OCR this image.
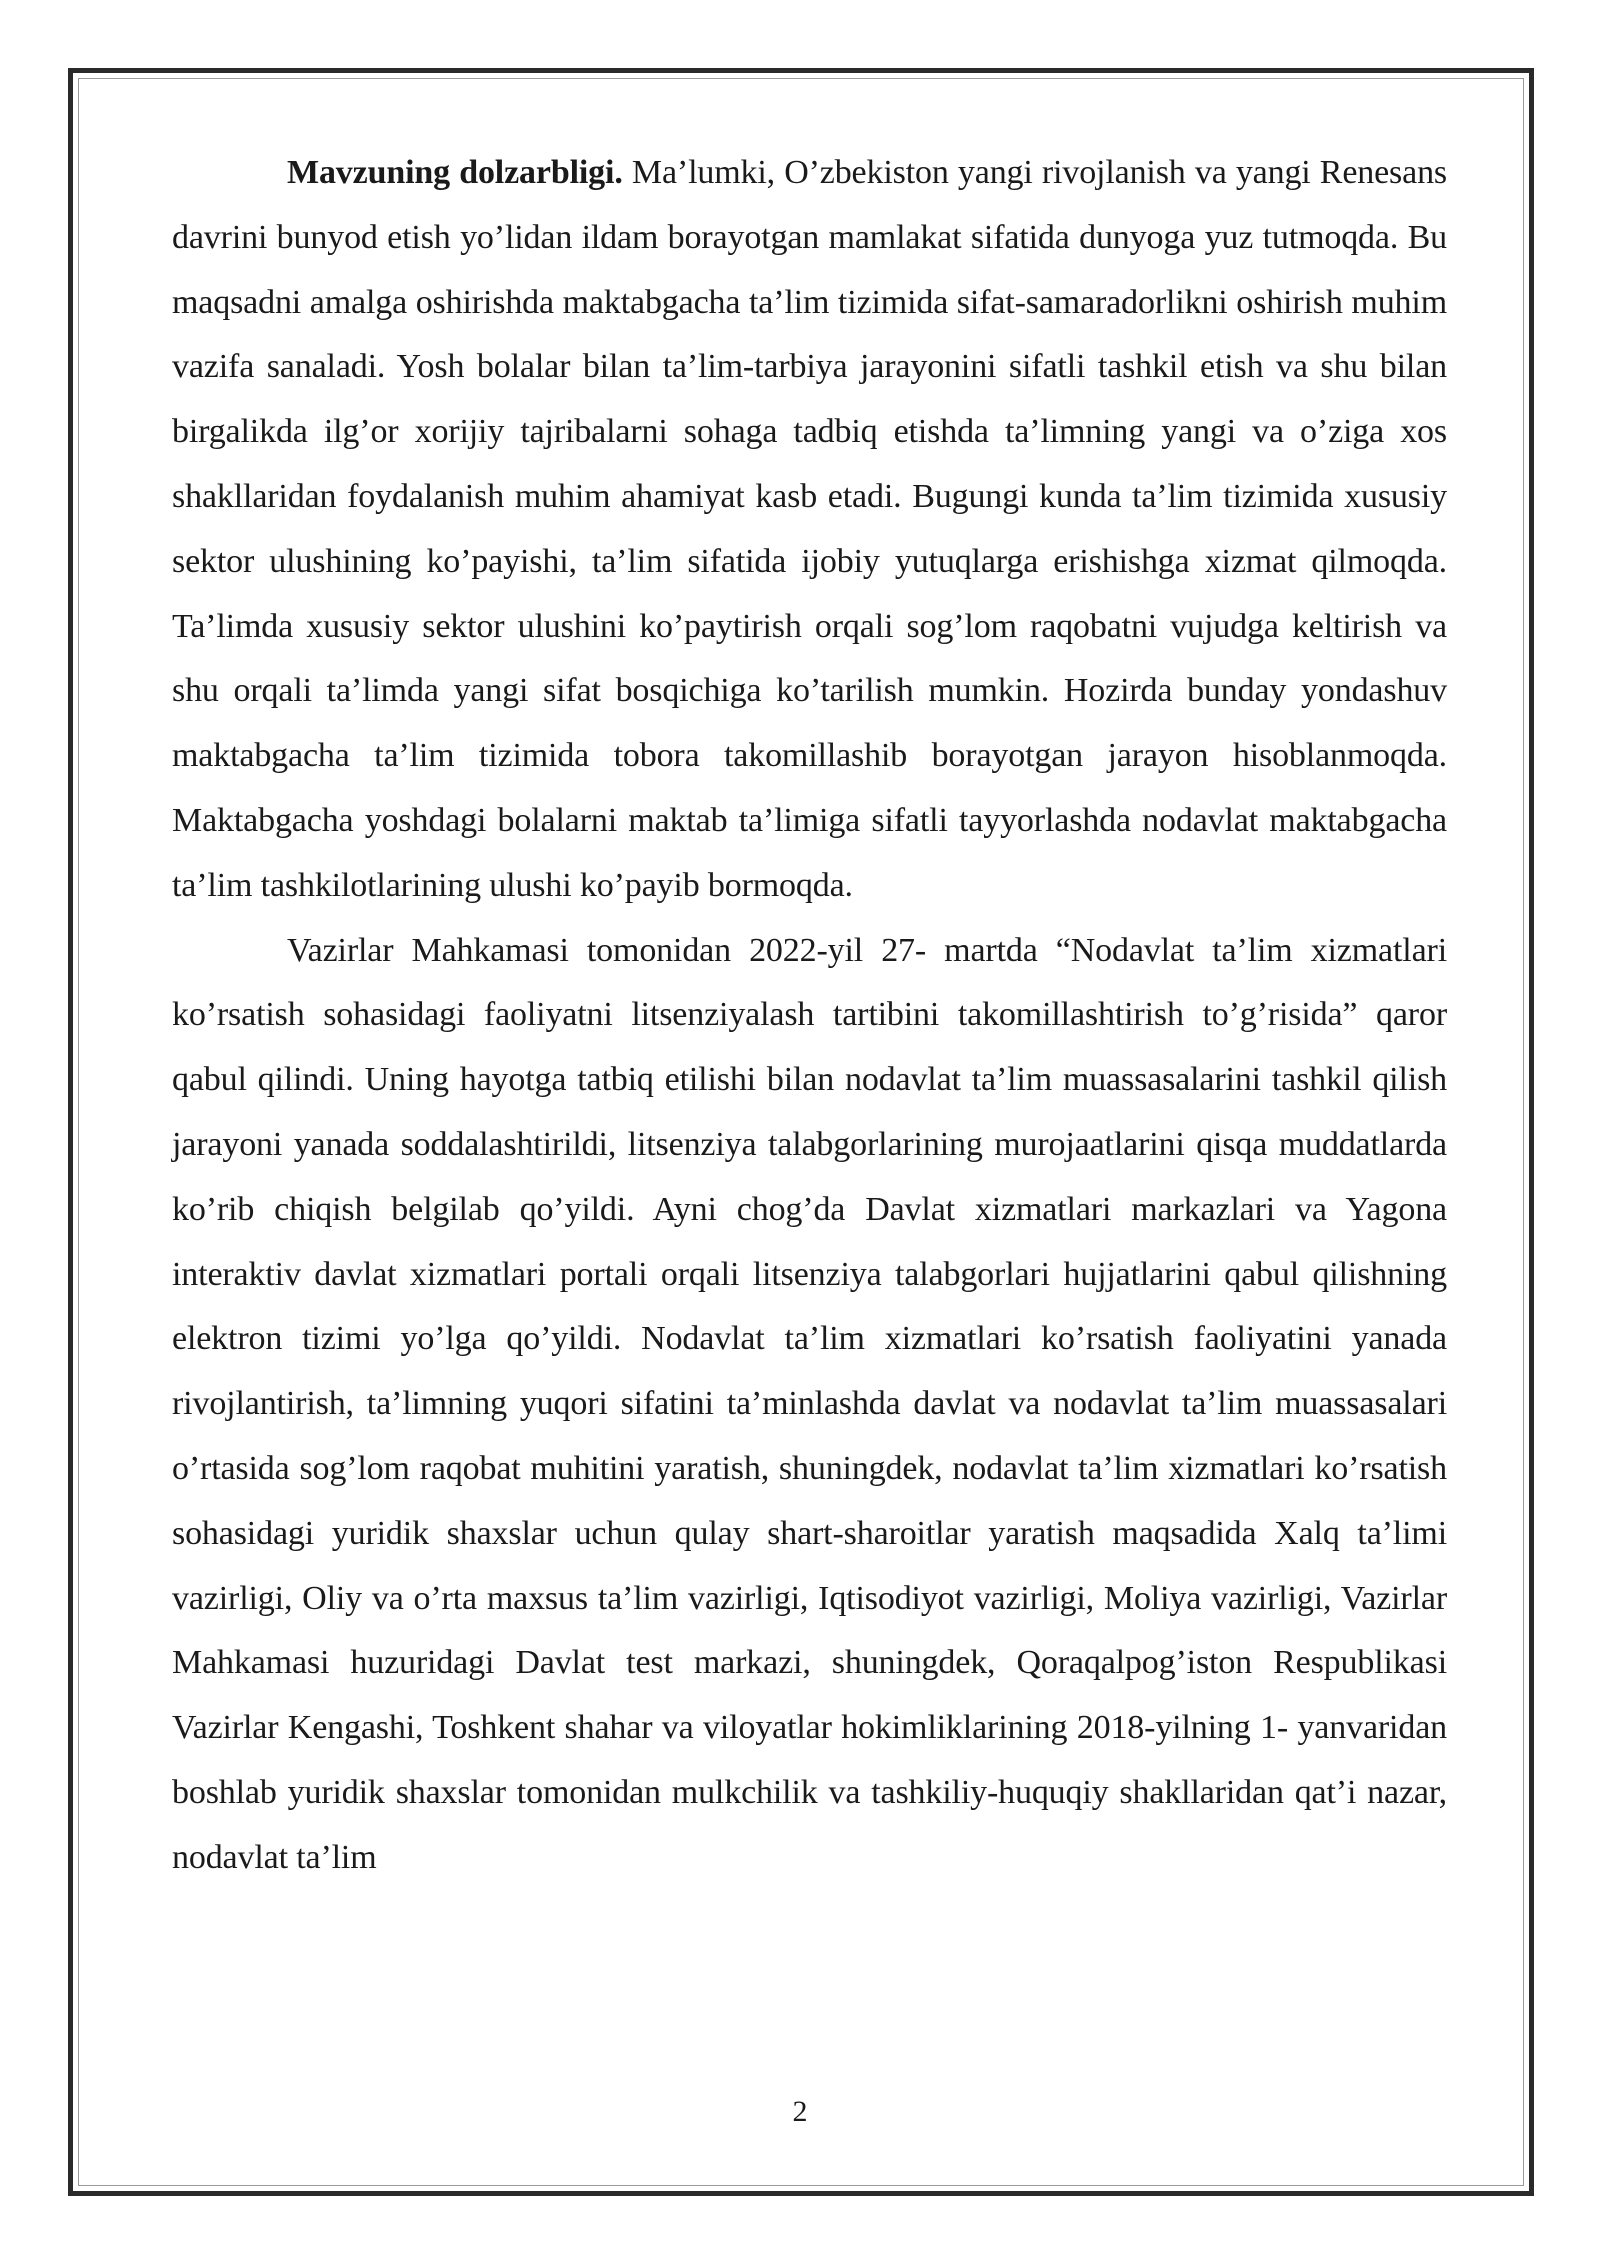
Mavzuning dolzarbligi. Ma’lumki, O’zbekiston yangi rivojlanish va yangi Renesans davrini bunyod etish yo’lidan ildam borayotgan mamlakat sifatida dunyoga yuz tutmoqda. Bu maqsadni amalga oshirishda maktabgacha ta’lim tizimida sifat-samaradorlikni oshirish muhim vazifa sanaladi. Yosh bolalar bilan ta’lim-tarbiya jarayonini sifatli tashkil etish va shu bilan birgalikda ilg’or xorijiy tajribalarni sohaga tadbiq etishda ta’limning yangi va o’ziga xos shakllaridan foydalanish muhim ahamiyat kasb etadi. Bugungi kunda ta’lim tizimida xususiy sektor ulushining ko’payishi, ta’lim sifatida ijobiy yutuqlarga erishishga xizmat qilmoqda. Ta’limda xususiy sektor ulushini ko’paytirish orqali sog’lom raqobatni vujudga keltirish va shu orqali ta’limda yangi sifat bosqichiga ko’tarilish mumkin. Hozirda bunday yondashuv maktabgacha ta’lim tizimida tobora takomillashib borayotgan jarayon hisoblanmoqda. Maktabgacha yoshdagi bolalarni maktab ta’limiga sifatli tayyorlashda nodavlat maktabgacha ta’lim tashkilotlarining ulushi ko’payib bormoqda.

Vazirlar Mahkamasi tomonidan 2022-yil 27- martda “Nodavlat ta’lim xizmatlari ko’rsatish sohasidagi faoliyatni litsenziyalash tartibini takomillashtirish to’g’risida” qaror qabul qilindi. Uning hayotga tatbiq etilishi bilan nodavlat ta’lim muassasalarini tashkil qilish jarayoni yanada soddalashtirildi, litsenziya talabgorlarining murojaatlarini qisqa muddatlarda ko’rib chiqish belgilab qo’yildi. Ayni chog’da Davlat xizmatlari markazlari va Yagona interaktiv davlat xizmatlari portali orqali litsenziya talabgorlari hujjatlarini qabul qilishning elektron tizimi yo’lga qo’yildi. Nodavlat ta’lim xizmatlari ko’rsatish faoliyatini yanada rivojlantirish, ta’limning yuqori sifatini ta’minlashda davlat va nodavlat ta’lim muassasalari o’rtasida sog’lom raqobat muhitini yaratish, shuningdek, nodavlat ta’lim xizmatlari ko’rsatish sohasidagi yuridik shaxslar uchun qulay shart-sharoitlar yaratish maqsadida Xalq ta’limi vazirligi, Oliy va o’rta maxsus ta’lim vazirligi, Iqtisodiyot vazirligi, Moliya vazirligi, Vazirlar Mahkamasi huzuridagi Davlat test markazi, shuningdek, Qoraqalpog’iston Respublikasi Vazirlar Kengashi, Toshkent shahar va viloyatlar hokimliklarining 2018-yilning 1- yanvaridan boshlab yuridik shaxslar tomonidan mulkchilik va tashkiliy-huquqiy shakllaridan qat’i nazar, nodavlat ta’lim

2
